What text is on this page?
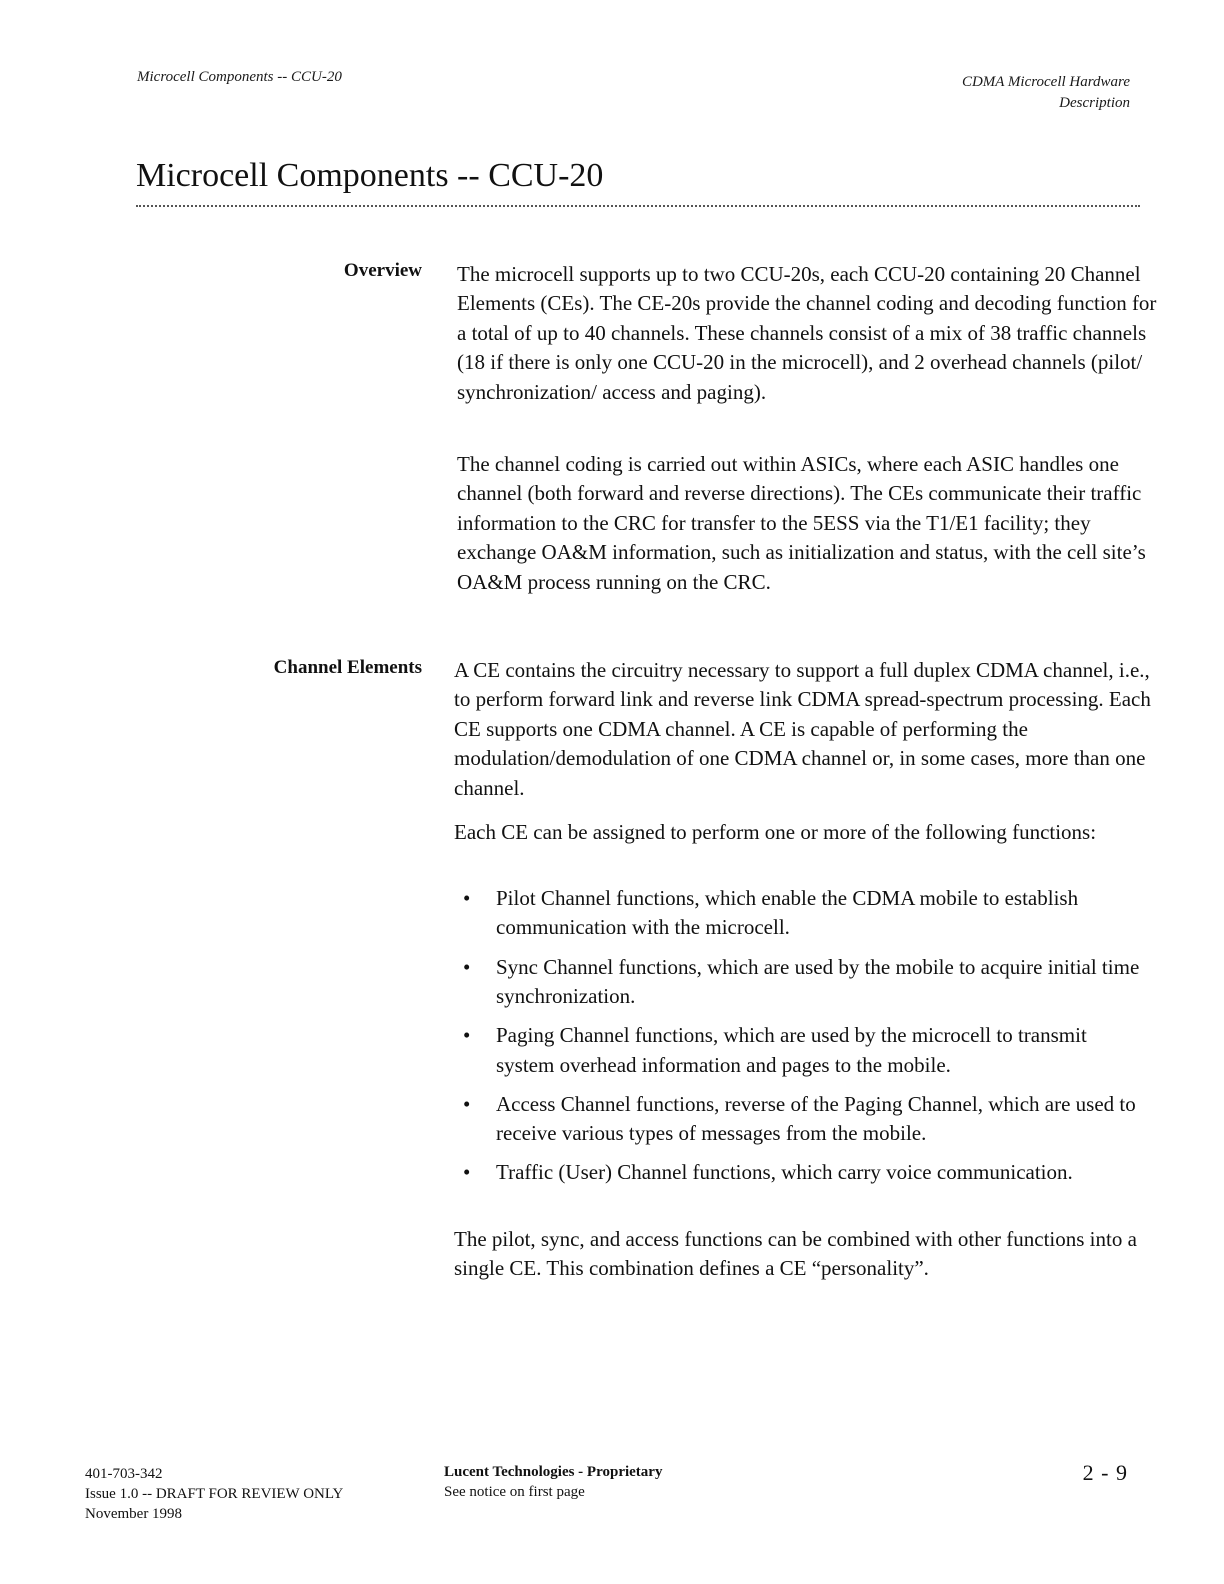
Microcell Components -- CCU-20	CDMA Microcell Hardware
Description
Microcell Components -- CCU-20
Overview The microcell supports up to two CCU-20s, each CCU-20 containing 20 Channel Elements (CEs). The CE-20s provide the channel coding and decoding function for a total of up to 40 channels. These channels consist of a mix of 38 traffic channels (18 if there is only one CCU-20 in the microcell), and 2 overhead channels (pilot/ synchronization/ access and paging).

The channel coding is carried out within ASICs, where each ASIC handles one channel (both forward and reverse directions). The CEs communicate their traffic information to the CRC for transfer to the 5ESS via the T1/E1 facility; they exchange OA&M information, such as initialization and status, with the cell site’s OA&M process running on the CRC.

Channel Elements A CE contains the circuitry necessary to support a full duplex CDMA channel, i.e., to perform forward link and reverse link CDMA spread-spectrum processing. Each CE supports one CDMA channel. A CE is capable of performing the modulation/demodulation of one CDMA channel or, in some cases, more than one channel.

Each CE can be assigned to perform one or more of the following functions:

• Pilot Channel functions, which enable the CDMA mobile to establish communication with the microcell.
• Sync Channel functions, which are used by the mobile to acquire initial time synchronization.
• Paging Channel functions, which are used by the microcell to transmit system overhead information and pages to the mobile.
• Access Channel functions, reverse of the Paging Channel, which are used to receive various types of messages from the mobile.
• Traffic (User) Channel functions, which carry voice communication.

The pilot, sync, and access functions can be combined with other functions into a single CE. This combination defines a CE “personality”.

401-703-342
Issue 1.0 -- DRAFT FOR REVIEW ONLY
November 1998
Lucent Technologies - Proprietary
See notice on first page
2 - 9
